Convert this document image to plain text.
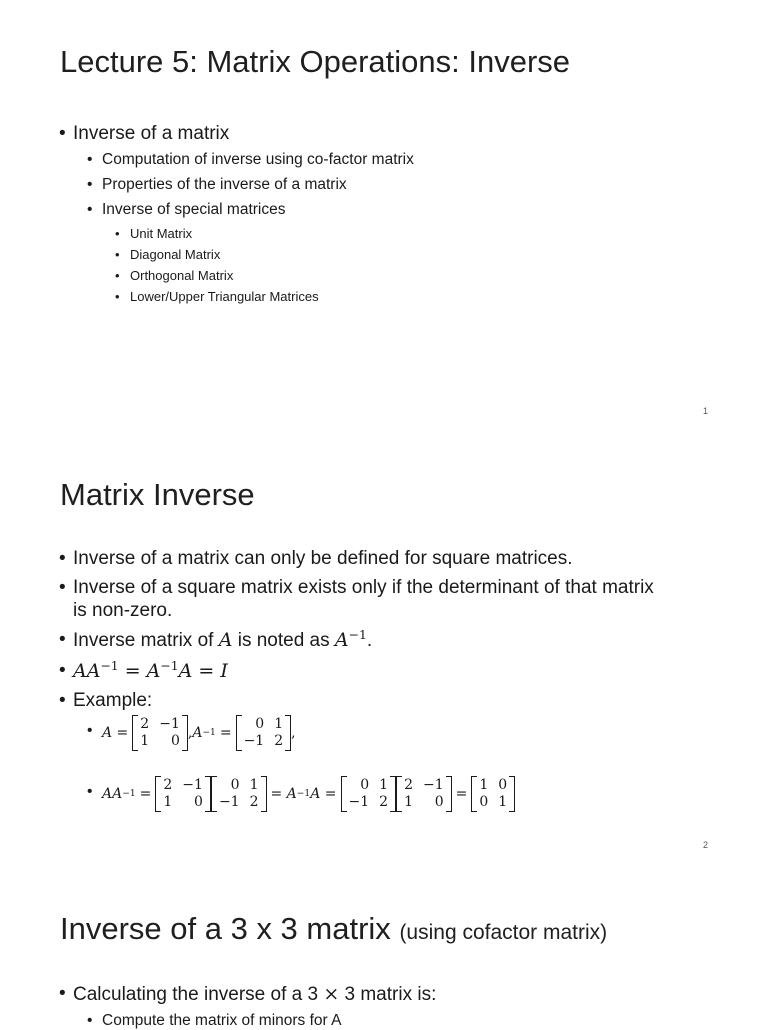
Lecture 5: Matrix Operations: Inverse
• Inverse of a matrix
• Computation of inverse using co-factor matrix
• Properties of the inverse of a matrix
• Inverse of special matrices
• Unit Matrix
• Diagonal Matrix
• Orthogonal Matrix
• Lower/Upper Triangular Matrices
1
Matrix Inverse
• Inverse of a matrix can only be defined for square matrices.
• Inverse of a square matrix exists only if the determinant of that matrix
is non-zero.
• Inverse matrix of A is noted as $A^{-1}$.
• $AA^{-1} = A^{-1}A = I$
• Example:
• A =
2 −1
1	0 , A −1 =
0 1
−1 2 ,
• AA −1 =
2 −1
1	0
0 1
−1 2 = A −1 A =
0 1
−1 2
2 −1
1	0 =
1 0
0 1
2
Inverse of a 3 x 3 matrix (using cofactor matrix)
• Calculating the inverse of a 3 × 3 matrix is:
• Compute the matrix of minors for A
